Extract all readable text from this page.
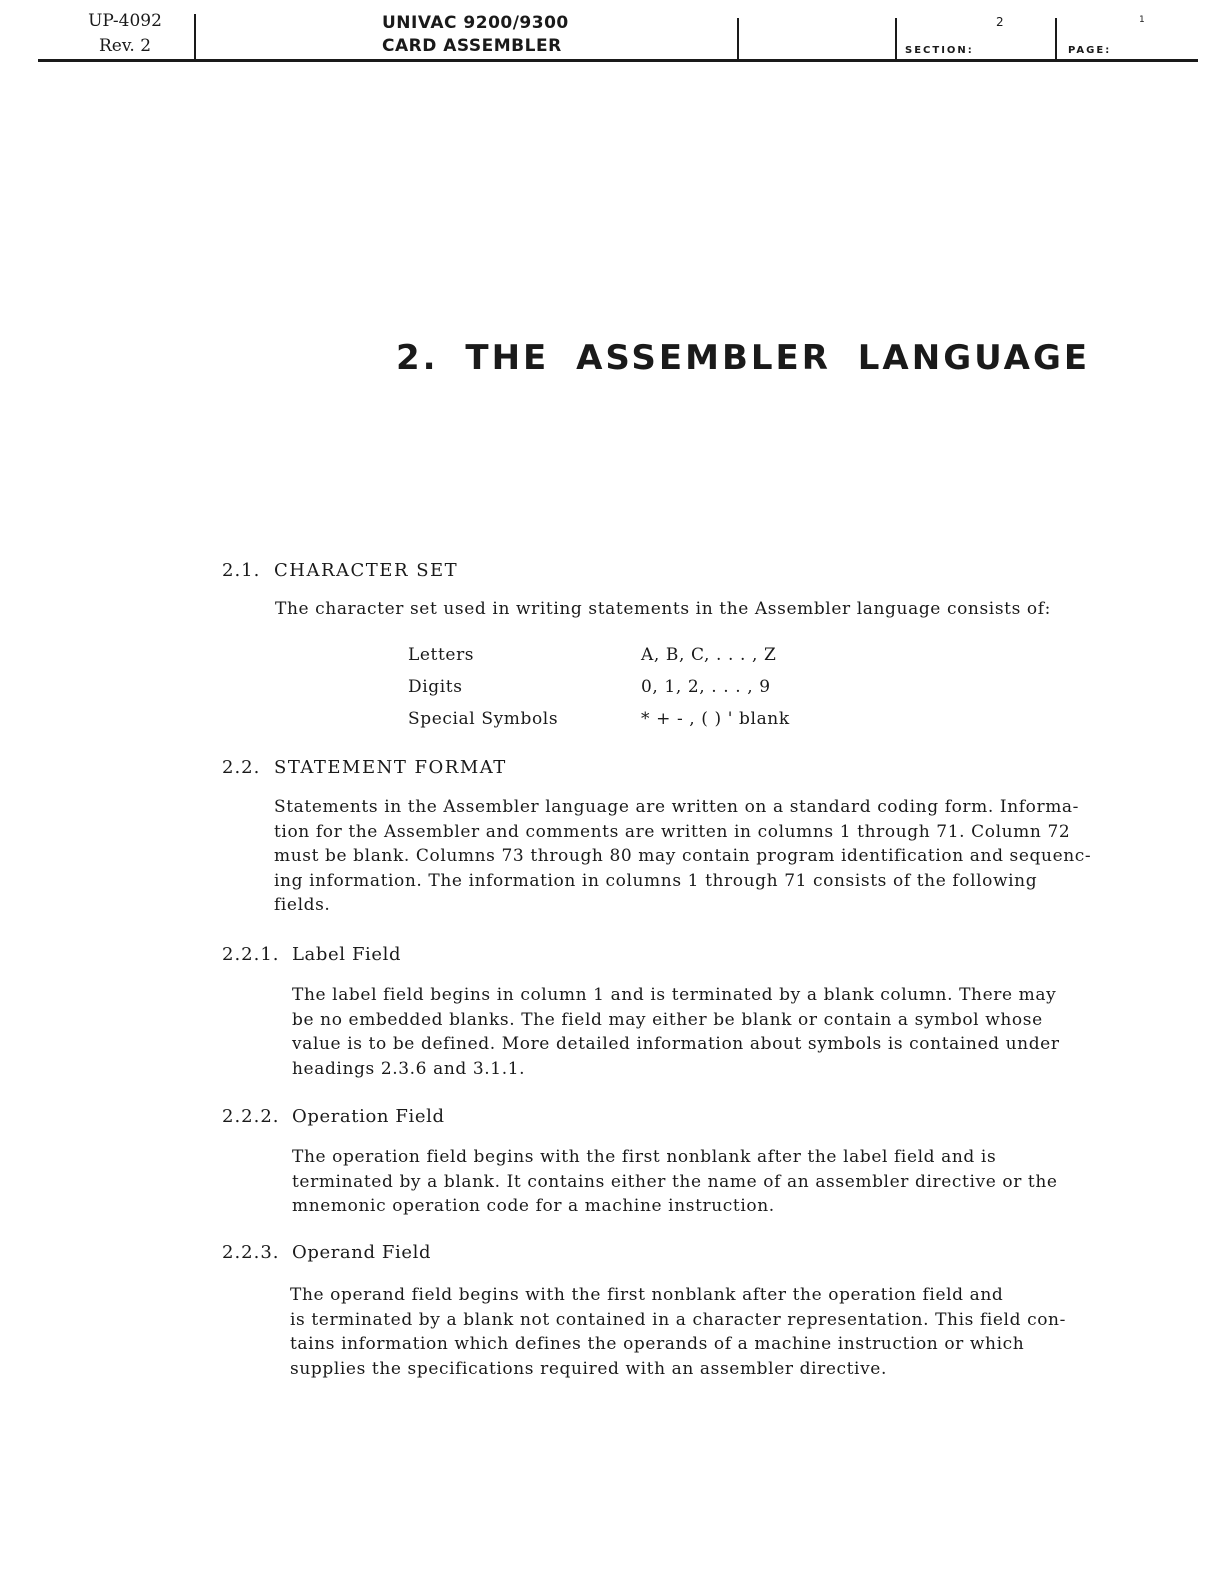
UP-4092
Rev. 2
UNIVAC 9200/9300
CARD ASSEMBLER
2
SECTION:
1
PAGE:
2. THE ASSEMBLER LANGUAGE
2.1. CHARACTER SET
The character set used in writing statements in the Assembler language consists of:
Letters	A, B, C, . . . , Z
Digits	0, 1, 2, . . . , 9
Special Symbols	* + - , ( ) ' blank
2.2. STATEMENT FORMAT

Statements in the Assembler language are written on a standard coding form. Informa-

tion for the Assembler and comments are written in columns 1 through 71. Column 72

must be blank. Columns 73 through 80 may contain program identification and sequenc-

ing information. The information in columns 1 through 71 consists of the following

fields.

2.2.1. Label Field

The label field begins in column 1 and is terminated by a blank column. There may

be no embedded blanks. The field may either be blank or contain a symbol whose

value is to be defined. More detailed information about symbols is contained under

headings 2.3.6 and 3.1.1.

2.2.2. Operation Field

The operation field begins with the first nonblank after the label field and is

terminated by a blank. It contains either the name of an assembler directive or the

mnemonic operation code for a machine instruction.

2.2.3. Operand Field

The operand field begins with the first nonblank after the operation field and

is terminated by a blank not contained in a character representation. This field con-

tains information which defines the operands of a machine instruction or which

supplies the specifications required with an assembler directive.
